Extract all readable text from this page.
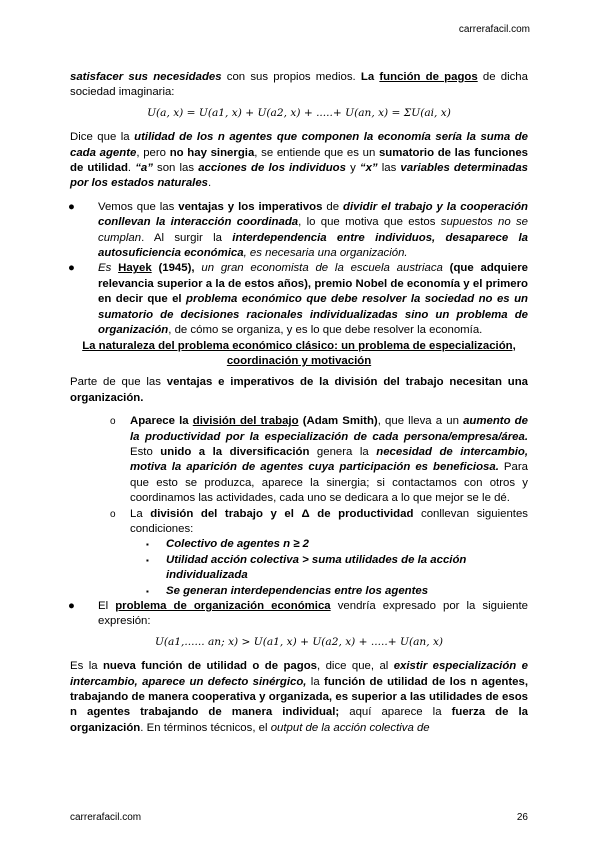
carrerafacil.com

satisfacer sus necesidades con sus propios medios. La función de pagos de dicha sociedad imaginaria:

U(a, x) = U(a1, x) + U(a2, x) + .....+ U(an, x) = ΣU(ai, x)

Dice que la utilidad de los n agentes que componen la economía sería la suma de cada agente, pero no hay sinergia, se entiende que es un sumatorio de las funciones de utilidad. “a” son las acciones de los individuos y “x” las variables determinadas por los estados naturales.

● Vemos que las ventajas y los imperativos de dividir el trabajo y la cooperación conllevan la interacción coordinada, lo que motiva que estos supuestos no se cumplan. Al surgir la interdependencia entre individuos, desaparece la autosuficiencia económica, es necesaria una organización.
● Es Hayek (1945), un gran economista de la escuela austriaca (que adquiere relevancia superior a la de estos años), premio Nobel de economía y el primero en decir que el problema económico que debe resolver la sociedad no es un sumatorio de decisiones racionales individualizadas sino un problema de organización, de cómo se organiza, y es lo que debe resolver la economía.
La naturaleza del problema económico clásico: un problema de especialización, coordinación y motivación

Parte de que las ventajas e imperativos de la división del trabajo necesitan una organización.

o Aparece la división del trabajo (Adam Smith), que lleva a un aumento de la productividad por la especialización de cada persona/empresa/área. Esto unido a la diversificación genera la necesidad de intercambio, motiva la aparición de agentes cuya participación es beneficiosa. Para que esto se produzca, aparece la sinergia; si contactamos con otros y coordinamos las actividades, cada uno se dedicara a lo que mejor se le dé.
o La división del trabajo y el Δ de productividad conllevan siguientes condiciones:
▪ Colectivo de agentes n ≥ 2
▪ Utilidad acción colectiva > suma utilidades de la acción individualizada
▪ Se generan interdependencias entre los agentes
● El problema de organización económica vendría expresado por la siguiente expresión:
U(a1,...... an; x) > U(a1, x) + U(a2, x) + .....+ U(an, x)

Es la nueva función de utilidad o de pagos, dice que, al existir especialización e intercambio, aparece un defecto sinérgico, la función de utilidad de los n agentes, trabajando de manera cooperativa y organizada, es superior a las utilidades de esos n agentes trabajando de manera individual; aquí aparece la fuerza de la organización. En términos técnicos, el output de la acción colectiva de

carrerafacil.com	26
